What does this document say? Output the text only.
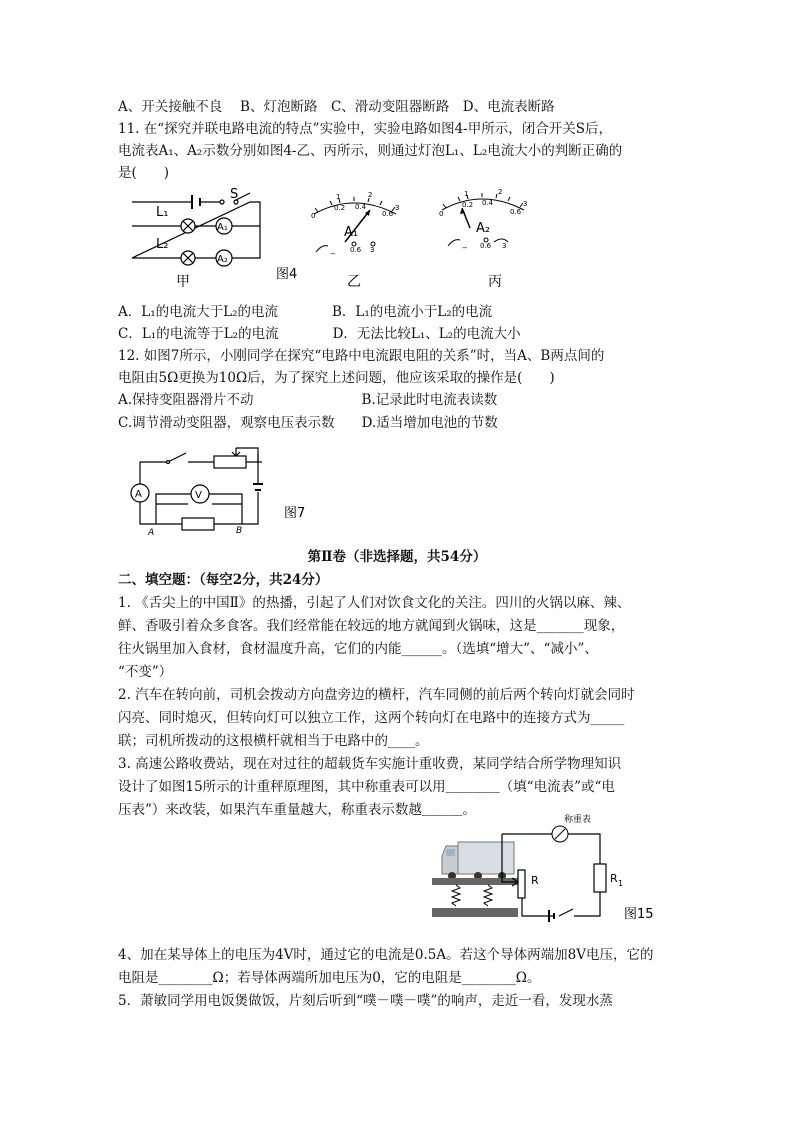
A、开关接触不良　 B、灯泡断路　C、滑动变阻器断路　D、电流表断路
11. 在“探究并联电路电流的特点”实验中，实验电路如图4-甲所示，闭合开关S后，
电流表A₁、A₂示数分别如图4-乙、丙所示，则通过灯泡L₁、L₂电流大小的判断正确的
是(　　)
S
L₁
L₂
A₁
A₂
甲	图4
0
0.2 0.4
0.6
1	2
3
A₁
− 0.6 3
乙
0
0.2 0.4
0.6
1	2
3
A₂
− 0.6 3
丙
A．L₁的电流大于L₂的电流　　　　B．L₁的电流小于L₂的电流
C．L₁的电流等于L₂的电流　　　　D．无法比较L₁、L₂的电流大小
12. 如图7所示，小刚同学在探究“电路中电流跟电阻的关系”时，当A、B两点间的
电阻由5Ω更换为10Ω后，为了探究上述问题，他应该采取的操作是(　　)
A.保持变阻器滑片不动　　　　　　　　B.记录此时电流表读数
C.调节滑动变阻器，观察电压表示数　　D.适当增加电池的节数
A	V
A	B
图7
第Ⅱ卷（非选择题，共54分）
二、填空题：（每空2分，共24分）
1. 《舌尖上的中国Ⅱ》的热播，引起了人们对饮食文化的关注。四川的火锅以麻、辣、
鲜、香吸引着众多食客。我们经常能在较远的地方就闻到火锅味，这是_______现象，
往火锅里加入食材，食材温度升高，它们的内能______。（选填“增大”、“减小”、
“不变”）
2. 汽车在转向前，司机会拨动方向盘旁边的横杆，汽车同侧的前后两个转向灯就会同时
闪亮、同时熄灭，但转向灯可以独立工作，这两个转向灯在电路中的连接方式为_____
联；司机所拨动的这根横杆就相当于电路中的____。
3. 高速公路收费站，现在对过往的超载货车实施计重收费，某同学结合所学物理知识
设计了如图15所示的计重秤原理图，其中称重表可以用＿＿＿＿（填“电流表”或“电
压表”）来改装，如果汽车重量越大，称重表示数越＿＿＿。
称重表
R	R 1
图15
4、加在某导体上的电压为4V时，通过它的电流是0.5A。若这个导体两端加8V电压，它的
电阻是________Ω；若导体两端所加电压为0，它的电阻是________Ω。
5．萧敏同学用电饭煲做饭，片刻后听到“噗－噗－噗”的响声，走近一看，发现水蒸
